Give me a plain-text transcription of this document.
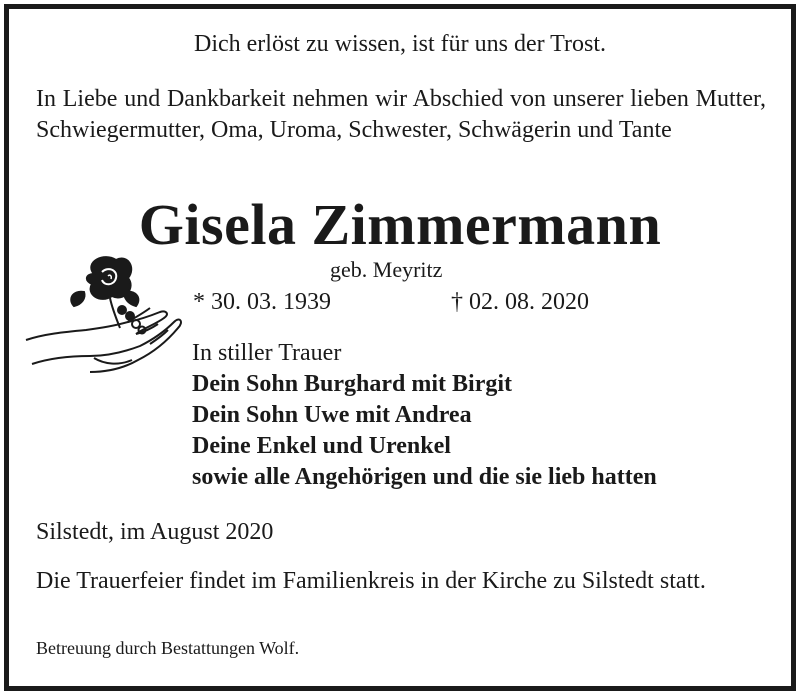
Dich erlöst zu wissen, ist für uns der Trost.
In Liebe und Dankbarkeit nehmen wir Abschied von unserer lieben Mutter, Schwiegermutter, Oma, Uroma, Schwester, Schwägerin und Tante
Gisela Zimmermann
geb. Meyritz
* 30. 03. 1939	† 02. 08. 2020
In stiller Trauer
Dein Sohn Burghard mit Birgit
Dein Sohn Uwe mit Andrea
Deine Enkel und Urenkel
sowie alle Angehörigen und die sie lieb hatten
Silstedt, im August 2020
Die Trauerfeier findet im Familienkreis in der Kirche zu Silstedt statt.
Betreuung durch Bestattungen Wolf.
